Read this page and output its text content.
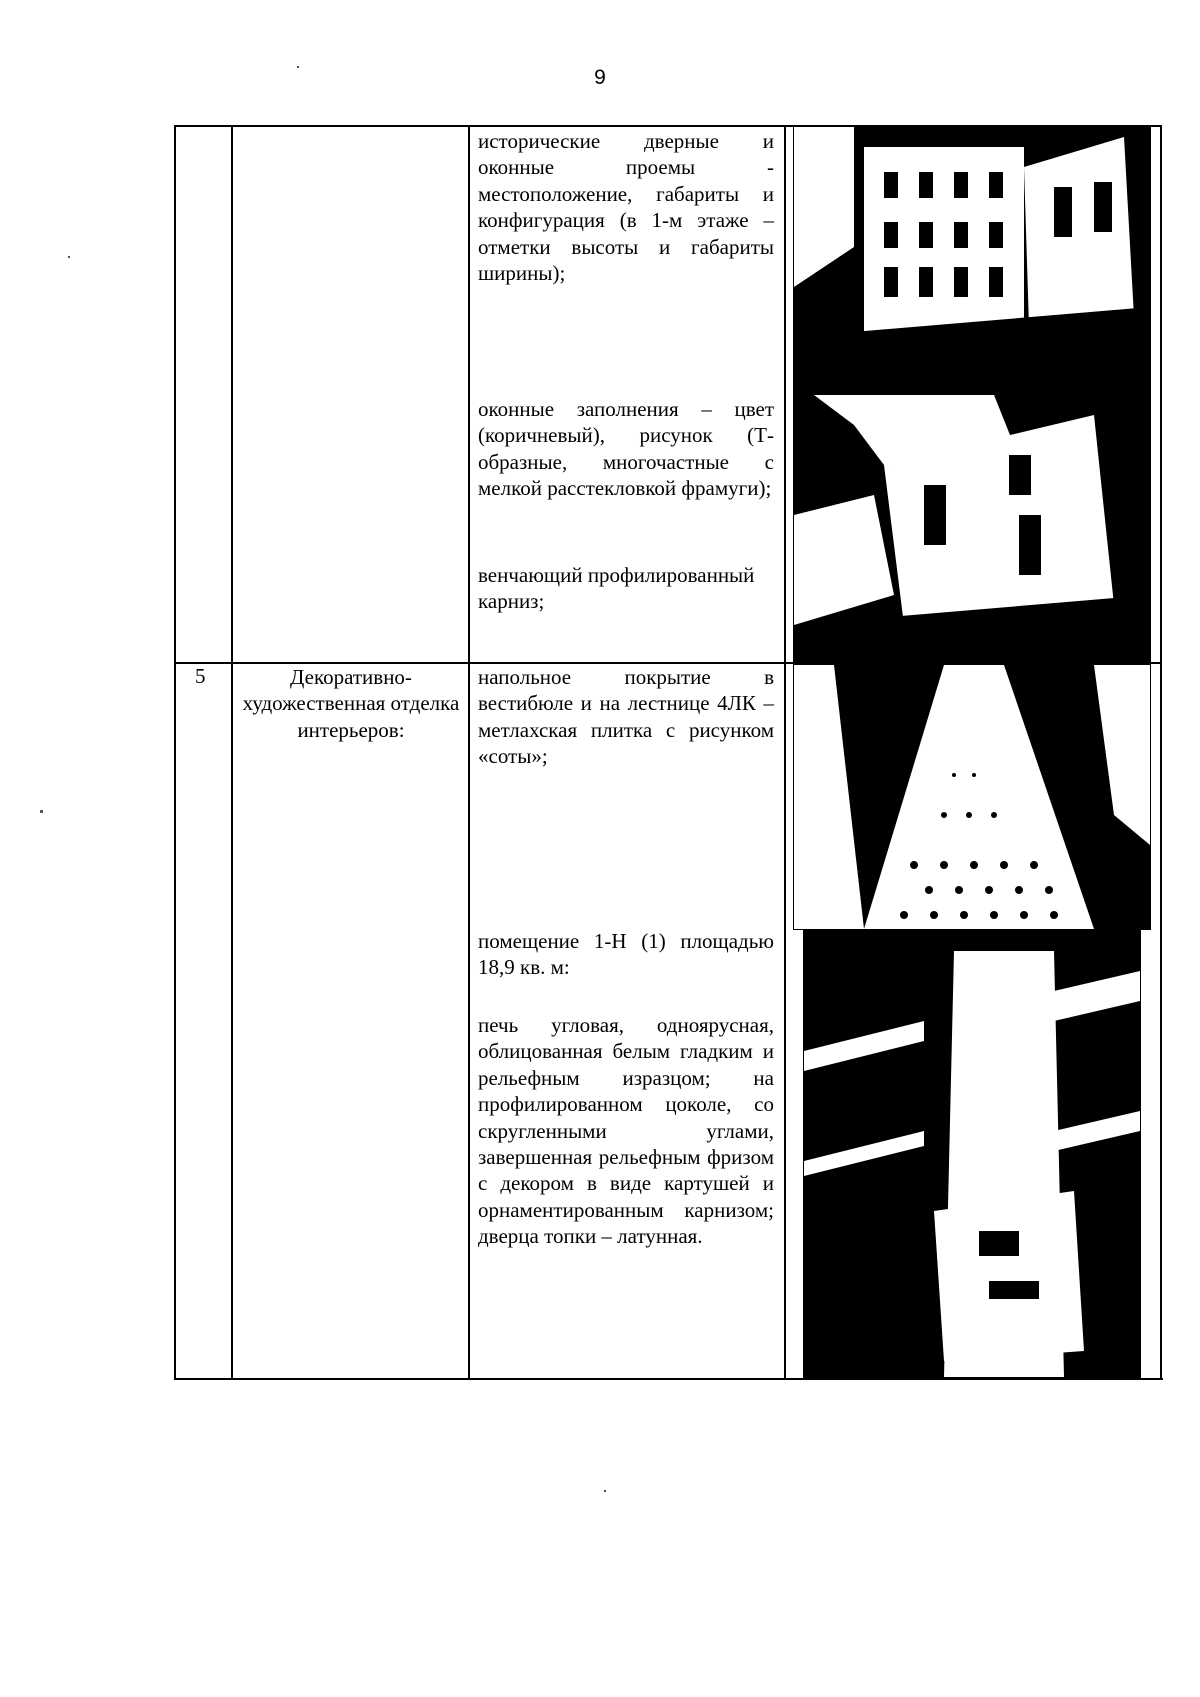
9
исторические дверные и оконные проемы - местоположение, габариты и конфигурация (в 1-м этаже – отметки высоты и габариты ширины);
оконные заполнения – цвет (коричневый), рисунок (Т-образные, многочастные с мелкой расстекловкой фрамуги);
венчающий профилированный карниз;
5	Декоративно-художественная отделка интерьеров:
напольное покрытие в вестибюле и на лестнице 4ЛК – метлахская плитка с рисунком «соты»;
помещение 1-Н (1) площадью 18,9 кв. м:
печь угловая, одноярусная, облицованная белым гладким и рельефным изразцом; на профилированном цоколе, со скругленными углами, завершенная рельефным фризом с декором в виде картушей и орнаментированным карнизом; дверца топки – латунная.
